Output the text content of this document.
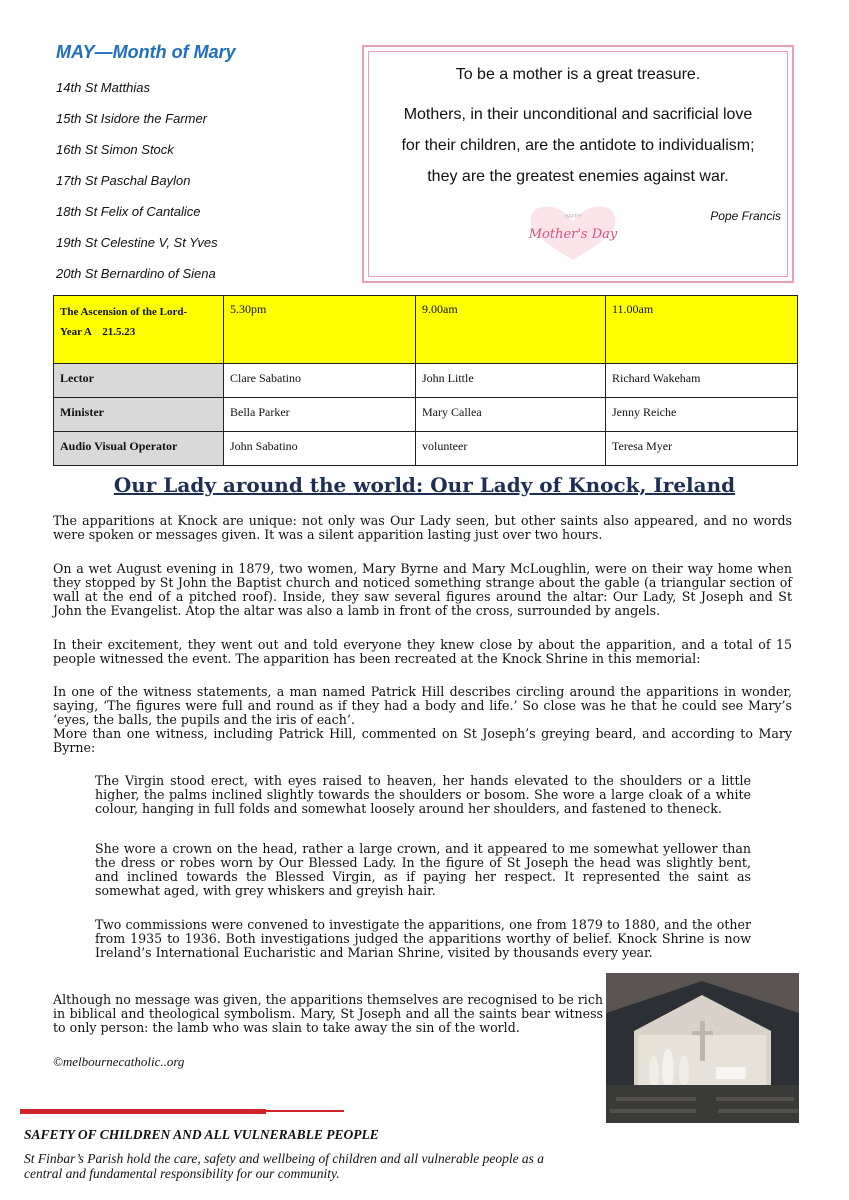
MAY—Month of Mary

14th St Matthias

15th St Isidore the Farmer

16th St Simon Stock

17th St Paschal Baylon

18th St Felix of Cantalice

19th St Celestine V, St Yves

20th St Bernardino of Siena

To be a mother is a great treasure.

Mothers, in their unconditional and sacrificial love

for their children, are the antidote to individualism;

they are the greatest enemies against war.

Pope Francis

HAPPY
Mother's Day
The Ascension of the Lord-
Year A    21.5.23	5.30pm	9.00am	11.00am
Lector	Clare Sabatino	John Little	Richard Wakeham
Minister	Bella Parker	Mary Callea	Jenny Reiche
Audio Visual Operator	John Sabatino	volunteer	Teresa Myer
Our Lady around the world: Our Lady of Knock, Ireland

The apparitions at Knock are unique: not only was Our Lady seen, but other saints also appeared, and no words were spoken or messages given. It was a silent apparition lasting just over two hours.

On a wet August evening in 1879, two women, Mary Byrne and Mary McLoughlin, were on their way home when they stopped by St John the Baptist church and noticed something strange about the gable (a triangular section of wall at the end of a pitched roof). Inside, they saw several figures around the altar: Our Lady, St Joseph and St John the Evangelist. Atop the altar was also a lamb in front of the cross, surrounded by angels.

In their excitement, they went out and told everyone they knew close by about the apparition, and a total of 15 people witnessed the event. The apparition has been recreated at the Knock Shrine in this memorial:

In one of the witness statements, a man named Patrick Hill describes circling around the apparitions in wonder, saying, ‘The figures were full and round as if they had a body and life.’ So close was he that he could see Mary’s ‘eyes, the balls, the pupils and the iris of each’.

More than one witness, including Patrick Hill, commented on St Joseph’s greying beard, and according to Mary Byrne:

The Virgin stood erect, with eyes raised to heaven, her hands elevated to the shoulders or a little higher, the palms inclined slightly towards the shoulders or bosom. She wore a large cloak of a white colour, hanging in full folds and somewhat loosely around her shoulders, and fastened to theneck.

She wore a crown on the head, rather a large crown, and it appeared to me somewhat yellower than the dress or robes worn by Our Blessed Lady. In the figure of St Joseph the head was slightly bent, and inclined towards the Blessed Virgin, as if paying her respect. It represented the saint as somewhat aged, with grey whiskers and greyish hair.

Two commissions were convened to investigate the apparitions, one from 1879 to 1880, and the other from 1935 to 1936. Both investigations judged the apparitions worthy of belief. Knock Shrine is now Ireland’s International Eucharistic and Marian Shrine, visited by thousands every year.

Although no message was given, the apparitions themselves are recognised to be rich in biblical and theological symbolism. Mary, St Joseph and all the saints bear witness to only person: the lamb who was slain to take away the sin of the world.

©melbournecatholic..org

SAFETY OF CHILDREN AND ALL VULNERABLE PEOPLE

St Finbar’s Parish hold the care, safety and wellbeing of children and all vulnerable people as a central and fundamental responsibility for our community.
